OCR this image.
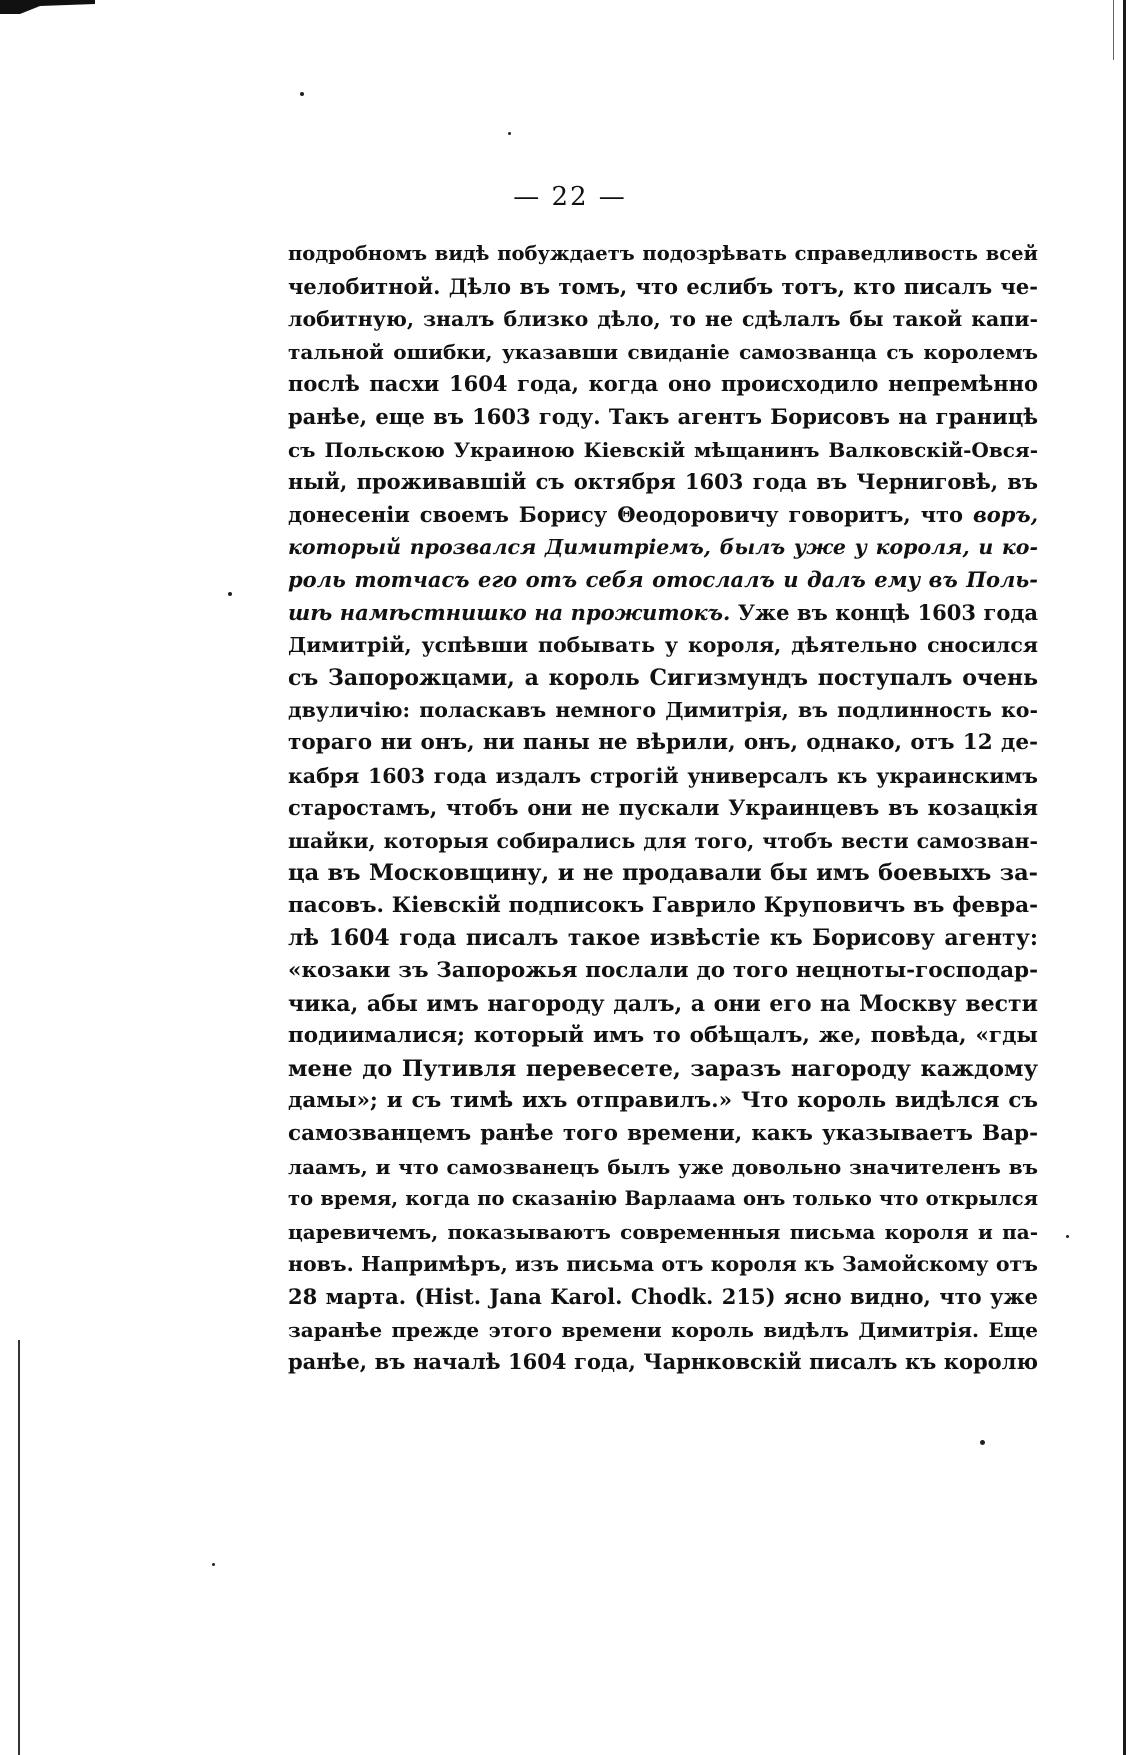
— 22 —
подробномъ видѣ побуждаетъ подозрѣвать справедливость всей
челобитной. Дѣло въ томъ, что еслибъ тотъ, кто писалъ че-
лобитную, зналъ близко дѣло, то не сдѣлалъ бы такой капи-
тальной ошибки, указавши свиданіе самозванца съ королемъ
послѣ пасхи 1604 года, когда оно происходило непремѣнно
ранѣе, еще въ 1603 году. Такъ агентъ Борисовъ на границѣ
съ Польскою Украиною Кіевскій мѣщанинъ Валковскій-Овся-
ный, проживавшій съ октября 1603 года въ Черниговѣ, въ
донесеніи своемъ Борису Θеодоровичу говоритъ, что воръ,
который прозвался Димитріемъ, былъ уже у короля, и ко-
роль тотчасъ его отъ себя отослалъ и далъ ему въ Поль-
шѣ намѣстнишко на прожитокъ. Уже въ концѣ 1603 года
Димитрій, успѣвши побывать у короля, дѣятельно сносился
съ Запорожцами, а король Сигизмундъ поступалъ очень
двуличію: поласкавъ немного Димитрія, въ подлинность ко-
тораго ни онъ, ни паны не вѣрили, онъ, однако, отъ 12 де-
кабря 1603 года издалъ строгій универсалъ къ украинскимъ
старостамъ, чтобъ они не пускали Украинцевъ въ козацкія
шайки, которыя собирались для того, чтобъ вести самозван-
ца въ Московщину, и не продавали бы имъ боевыхъ за-
пасовъ. Кіевскій подписокъ Гаврило Круповичъ въ февра-
лѣ 1604 года писалъ такое извѣстіе къ Борисову агенту:
«козаки зъ Запорожья послали до того нецноты-господар-
чика, абы имъ нагороду далъ, а они его на Москву вести
подиималися; который имъ то обѣщалъ, же, повѣда, «гды
мене до Путивля перевесете, заразъ нагороду каждому
дамы»; и съ тимѣ ихъ отправилъ.» Что король видѣлся съ
самозванцемъ ранѣе того времени, какъ указываетъ Вар-
лаамъ, и что самозванецъ былъ уже довольно значителенъ въ
то время, когда по сказанію Варлаама онъ только что открылся
царевичемъ, показываютъ современныя письма короля и па-
новъ. Напримѣръ, изъ письма отъ короля къ Замойскому отъ
28 марта. (Hist. Jana Karol. Chodk. 215) ясно видно, что уже
заранѣе прежде этого времени король видѣлъ Димитрія. Еще
ранѣе, въ началѣ 1604 года, Чарнковскій писалъ къ королю
